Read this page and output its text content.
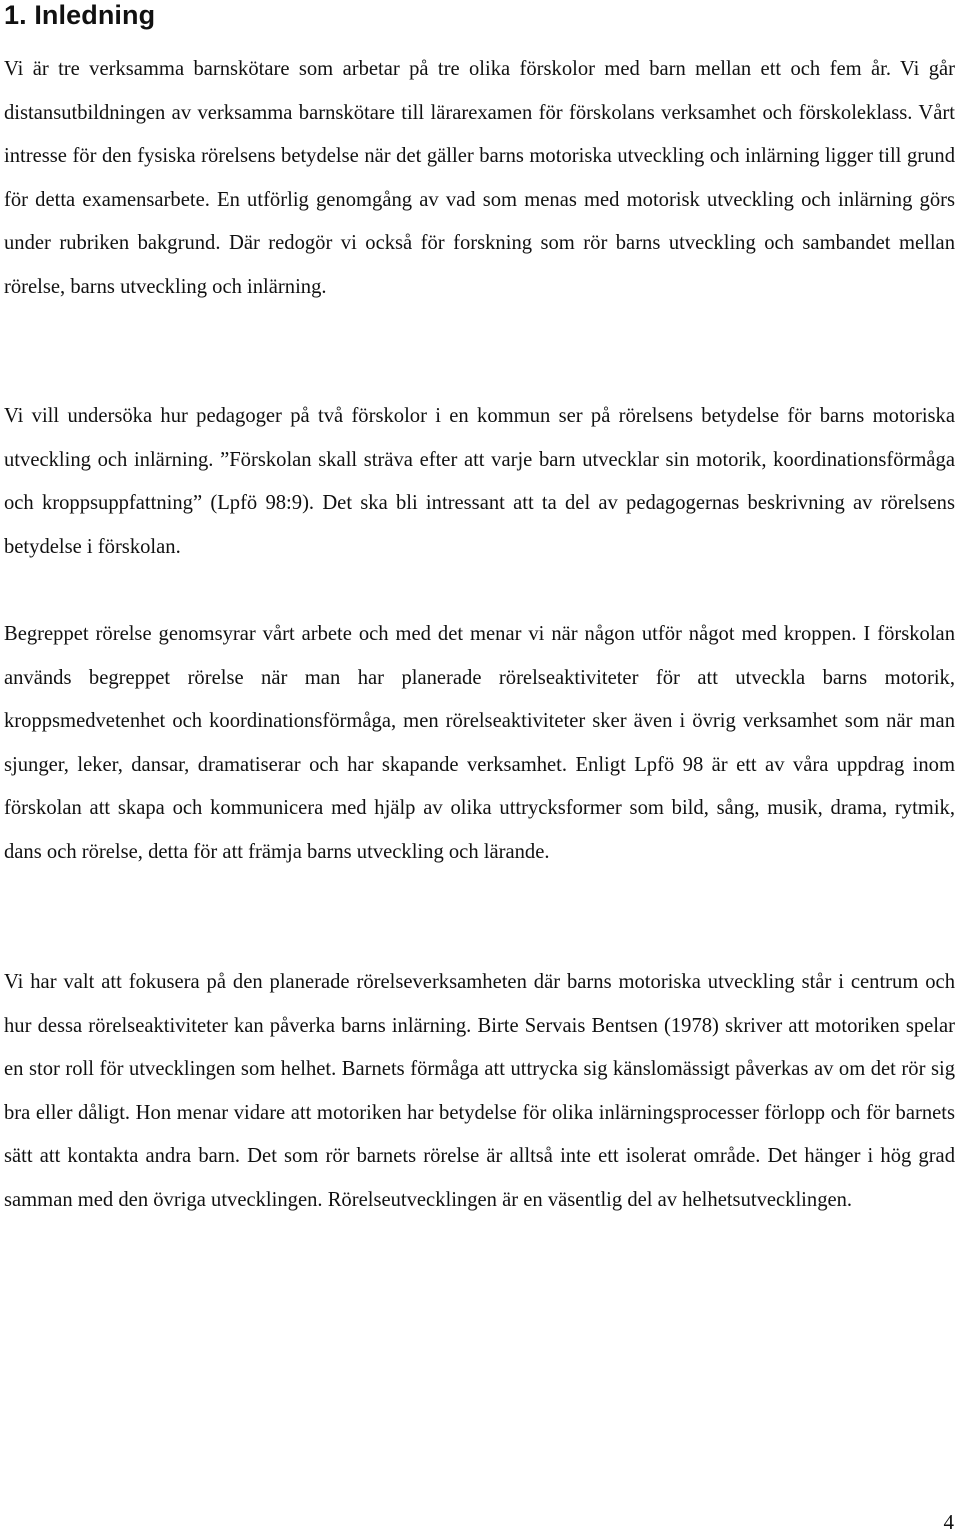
1. Inledning

Vi är tre verksamma barnskötare som arbetar på tre olika förskolor med barn mellan ett och fem år. Vi går distansutbildningen av verksamma barnskötare till lärarexamen för förskolans verksamhet och förskoleklass. Vårt intresse för den fysiska rörelsens betydelse när det gäller barns motoriska utveckling och inlärning ligger till grund för detta examensarbete. En utförlig genomgång av vad som menas med motorisk utveckling och inlärning görs under rubriken bakgrund. Där redogör vi också för forskning som rör barns utveckling och sambandet mellan rörelse, barns utveckling och inlärning.

Vi vill undersöka hur pedagoger på två förskolor i en kommun ser på rörelsens betydelse för barns motoriska utveckling och inlärning. ”Förskolan skall sträva efter att varje barn utvecklar sin motorik, koordinationsförmåga och kroppsuppfattning” (Lpfö 98:9). Det ska bli intressant att ta del av pedagogernas beskrivning av rörelsens betydelse i förskolan.

Begreppet rörelse genomsyrar vårt arbete och med det menar vi när någon utför något med kroppen. I förskolan används begreppet rörelse när man har planerade rörelseaktiviteter för att utveckla barns motorik, kroppsmedvetenhet och koordinationsförmåga, men rörelseaktiviteter sker även i övrig verksamhet som när man sjunger, leker, dansar, dramatiserar och har skapande verksamhet. Enligt Lpfö 98 är ett av våra uppdrag inom förskolan att skapa och kommunicera med hjälp av olika uttrycksformer som bild, sång, musik, drama, rytmik, dans och rörelse, detta för att främja barns utveckling och lärande.

Vi har valt att fokusera på den planerade rörelseverksamheten där barns motoriska utveckling står i centrum och hur dessa rörelseaktiviteter kan påverka barns inlärning. Birte Servais Bentsen (1978) skriver att motoriken spelar en stor roll för utvecklingen som helhet. Barnets förmåga att uttrycka sig känslomässigt påverkas av om det rör sig bra eller dåligt. Hon menar vidare att motoriken har betydelse för olika inlärningsprocesser förlopp och för barnets sätt att kontakta andra barn. Det som rör barnets rörelse är alltså inte ett isolerat område. Det hänger i hög grad samman med den övriga utvecklingen. Rörelseutvecklingen är en väsentlig del av helhetsutvecklingen.

4
